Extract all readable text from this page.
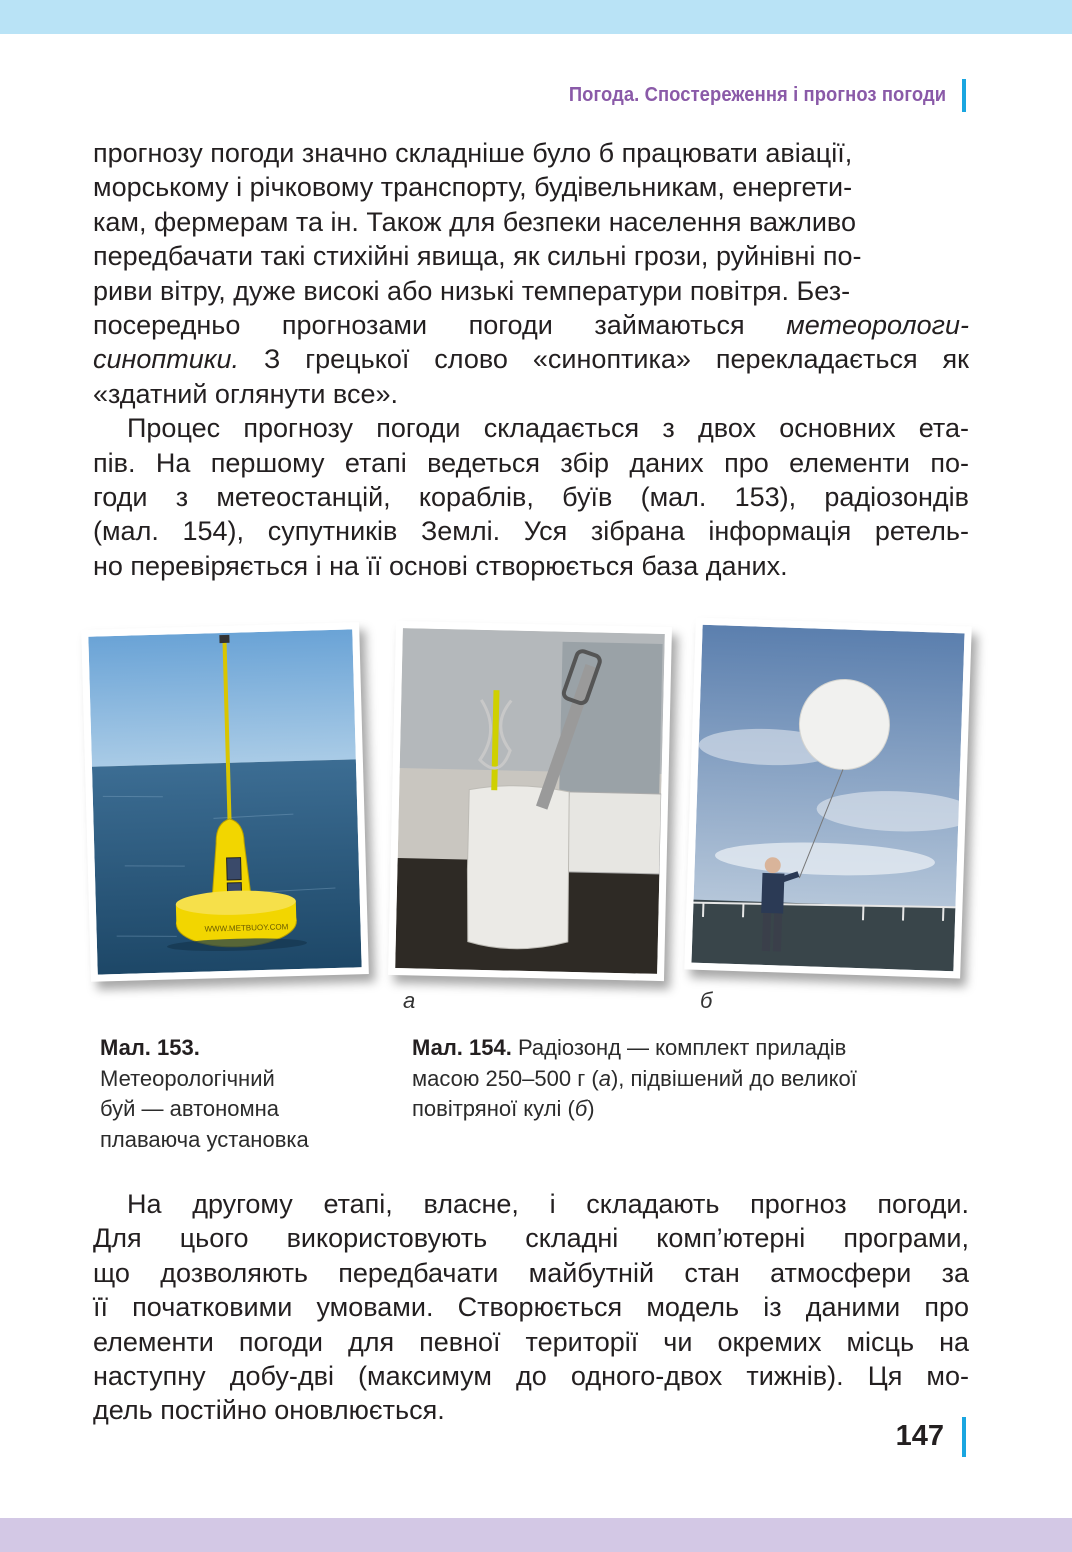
Погода. Спостереження і прогноз погоди
прогнозу погоди значно складніше було б працювати авіації,
морському і річковому транспорту, будівельникам, енергети-
кам, фермерам та ін. Також для безпеки населення важливо
передбачати такі стихійні явища, як сильні грози, руйнівні по-
риви вітру, дуже високі або низькі температури повітря. Без-
посередньо прогнозами погоди займаються метеорологи-
синоптики. З грецької слово «синоптика» перекладається як
«здатний оглянути все».
Процес прогнозу погоди складається з двох основних ета-
пів. На першому етапі ведеться збір даних про елементи по-
годи з метеостанцій, кораблів, буїв (мал. 153), радіозондів
(мал. 154), супутників Землі. Уся зібрана інформація ретель-
но перевіряється і на її основі створюється база даних.
WWW.METBUOY.COM
а	б
Мал. 153.
Метеорологічний
буй — автономна
плаваюча установка
Мал. 154. Радіозонд — комплект приладів
масою 250–500 г (а), підвішений до великої
повітряної кулі (б)
На другому етапі, власне, і складають прогноз погоди.
Для цього використовують складні комп’ютерні програми,
що дозволяють передбачати майбутній стан атмосфери за
її початковими умовами. Створюється модель із даними про
елементи погоди для певної території чи окремих місць на
наступну добу-дві (максимум до одного-двох тижнів). Ця мо-
дель постійно оновлюється.
147
